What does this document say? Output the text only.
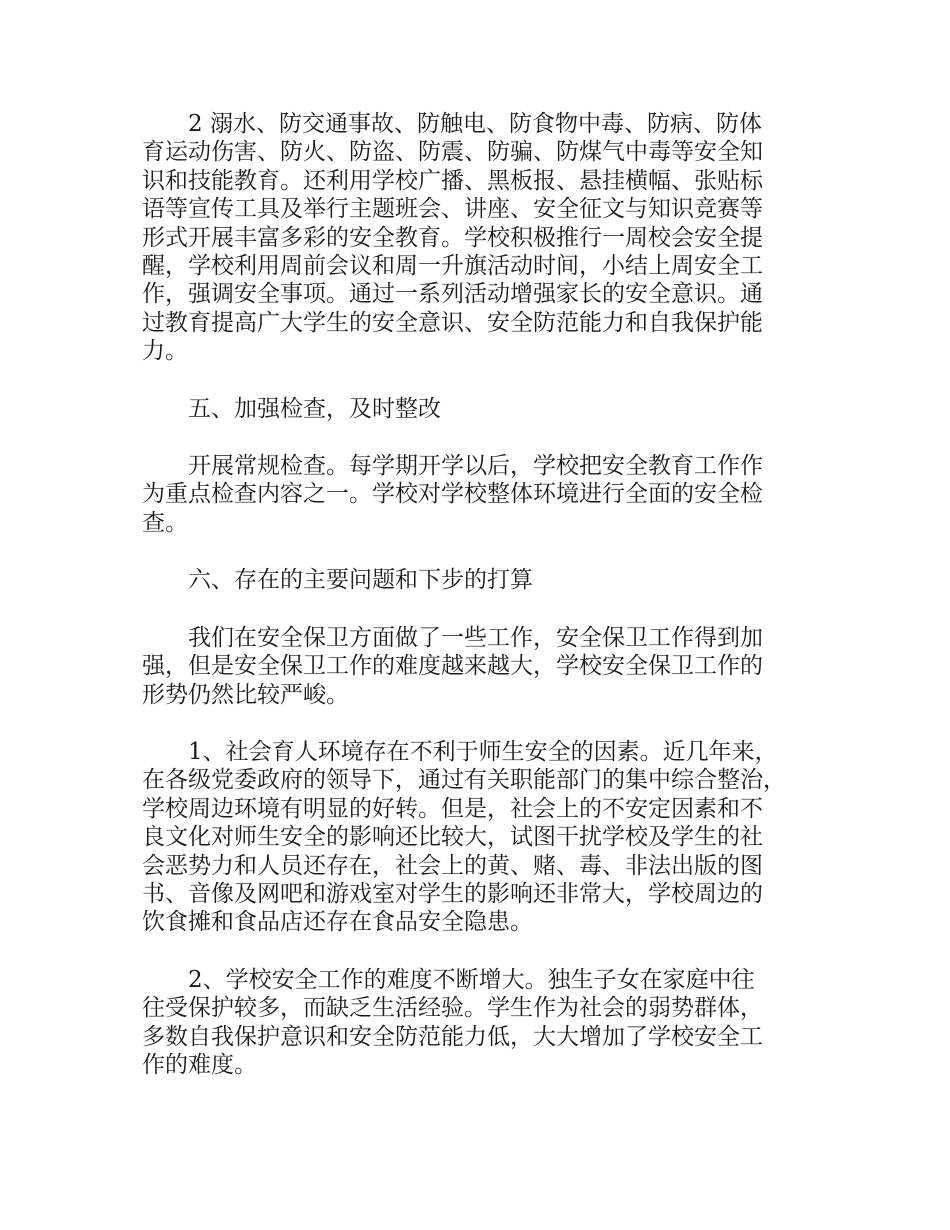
2 溺水、防交通事故、防触电、防食物中毒、防病、防体
育运动伤害、防火、防盗、防震、防骗、防煤气中毒等安全知
识和技能教育。还利用学校广播、黑板报、悬挂横幅、张贴标
语等宣传工具及举行主题班会、讲座、安全征文与知识竞赛等
形式开展丰富多彩的安全教育。学校积极推行一周校会安全提
醒，学校利用周前会议和周一升旗活动时间，小结上周安全工
作，强调安全事项。通过一系列活动增强家长的安全意识。通
过教育提高广大学生的安全意识、安全防范能力和自我保护能
力。
五、加强检查，及时整改
开展常规检查。每学期开学以后，学校把安全教育工作作
为重点检查内容之一。学校对学校整体环境进行全面的安全检
查。
六、存在的主要问题和下步的打算
我们在安全保卫方面做了一些工作，安全保卫工作得到加
强，但是安全保卫工作的难度越来越大，学校安全保卫工作的
形势仍然比较严峻。
1、社会育人环境存在不利于师生安全的因素。近几年来，
在各级党委政府的领导下，通过有关职能部门的集中综合整治，
学校周边环境有明显的好转。但是，社会上的不安定因素和不
良文化对师生安全的影响还比较大，试图干扰学校及学生的社
会恶势力和人员还存在，社会上的黄、赌、毒、非法出版的图
书、音像及网吧和游戏室对学生的影响还非常大，学校周边的
饮食摊和食品店还存在食品安全隐患。
2、学校安全工作的难度不断增大。独生子女在家庭中往
往受保护较多，而缺乏生活经验。学生作为社会的弱势群体，
多数自我保护意识和安全防范能力低，大大增加了学校安全工
作的难度。
